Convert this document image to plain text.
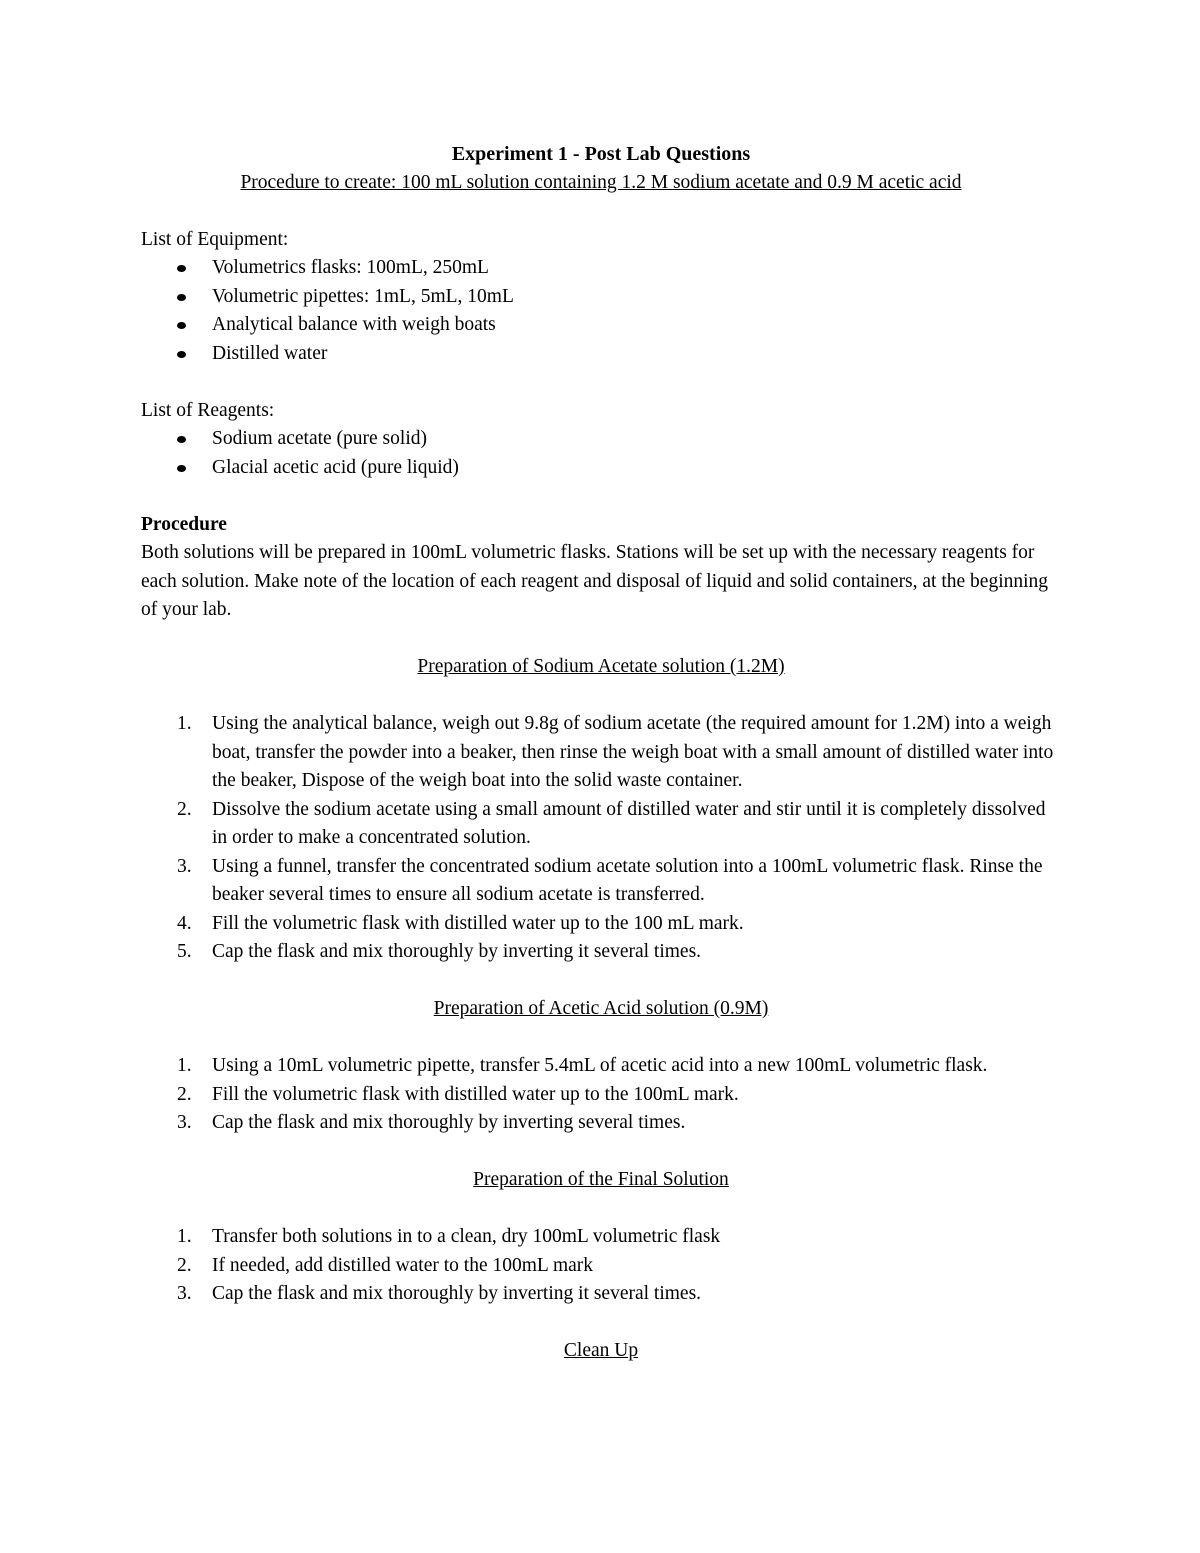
Experiment 1 - Post Lab Questions

Procedure to create: 100 mL solution containing 1.2 M sodium acetate and 0.9 M acetic acid

List of Equipment:

Volumetrics flasks: 100mL, 250mL
Volumetric pipettes: 1mL, 5mL, 10mL
Analytical balance with weigh boats
Distilled water

List of Reagents:

Sodium acetate (pure solid)
Glacial acetic acid (pure liquid)

Procedure

Both solutions will be prepared in 100mL volumetric flasks. Stations will be set up with the necessary reagents for each solution. Make note of the location of each reagent and disposal of liquid and solid containers, at the beginning of your lab.

Preparation of Sodium Acetate solution (1.2M)

1. Using the analytical balance, weigh out 9.8g of sodium acetate (the required amount for 1.2M) into a weigh boat, transfer the powder into a beaker, then rinse the weigh boat with a small amount of distilled water into the beaker, Dispose of the weigh boat into the solid waste container.
2. Dissolve the sodium acetate using a small amount of distilled water and stir until it is completely dissolved in order to make a concentrated solution.
3. Using a funnel, transfer the concentrated sodium acetate solution into a 100mL volumetric flask. Rinse the beaker several times to ensure all sodium acetate is transferred.
4. Fill the volumetric flask with distilled water up to the 100 mL mark.
5. Cap the flask and mix thoroughly by inverting it several times.

Preparation of Acetic Acid solution (0.9M)

1. Using a 10mL volumetric pipette, transfer 5.4mL of acetic acid into a new 100mL volumetric flask.
2. Fill the volumetric flask with distilled water up to the 100mL mark.
3. Cap the flask and mix thoroughly by inverting several times.

Preparation of the Final Solution

1. Transfer both solutions in to a clean, dry 100mL volumetric flask
2. If needed, add distilled water to the 100mL mark
3. Cap the flask and mix thoroughly by inverting it several times.

Clean Up
